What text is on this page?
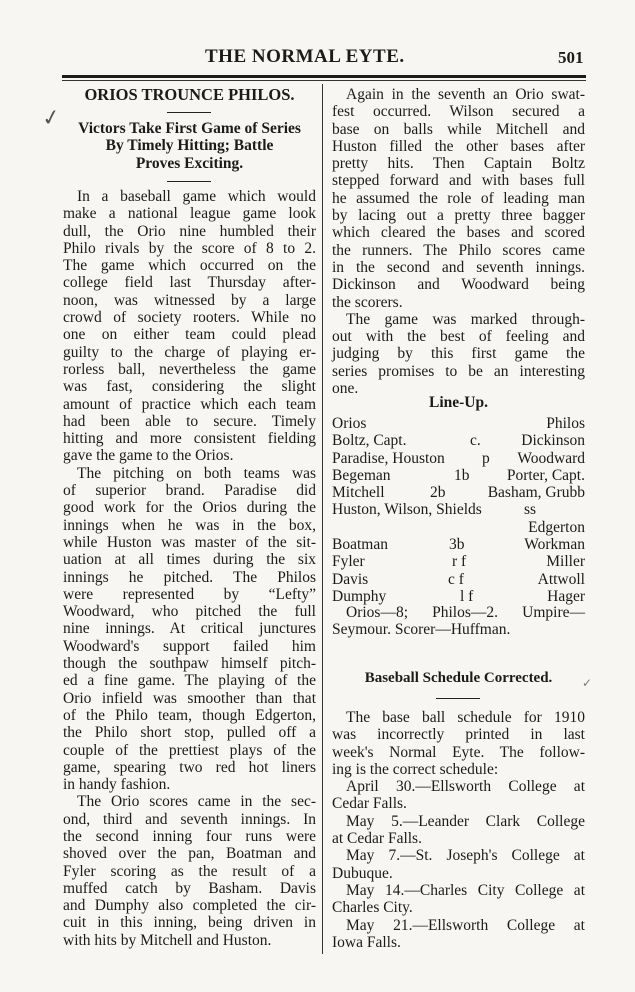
THE NORMAL EYTE.	501
✓
✓
ORIOS TROUNCE PHILOS.
Victors Take First Game of Series
By Timely Hitting; Battle
Proves Exciting.
In a baseball game which would
make a national league game look
dull, the Orio nine humbled their
Philo rivals by the score of 8 to 2.
The game which occurred on the
college field last Thursday after-
noon, was witnessed by a large
crowd of society rooters. While no
one on either team could plead
guilty to the charge of playing er-
rorless ball, nevertheless the game
was fast, considering the slight
amount of practice which each team
had been able to secure. Timely
hitting and more consistent fielding
gave the game to the Orios.
The pitching on both teams was
of superior brand. Paradise did
good work for the Orios during the
innings when he was in the box,
while Huston was master of the sit-
uation at all times during the six
innings he pitched. The Philos
were represented by “Lefty”
Woodward, who pitched the full
nine innings. At critical junctures
Woodward's support failed him
though the southpaw himself pitch-
ed a fine game. The playing of the
Orio infield was smoother than that
of the Philo team, though Edgerton,
the Philo short stop, pulled off a
couple of the prettiest plays of the
game, spearing two red hot liners
in handy fashion.
The Orio scores came in the sec-
ond, third and seventh innings. In
the second inning four runs were
shoved over the pan, Boatman and
Fyler scoring as the result of a
muffed catch by Basham. Davis
and Dumphy also completed the cir-
cuit in this inning, being driven in
with hits by Mitchell and Huston.
Again in the seventh an Orio swat-
fest occurred. Wilson secured a
base on balls while Mitchell and
Huston filled the other bases after
pretty hits. Then Captain Boltz
stepped forward and with bases full
he assumed the role of leading man
by lacing out a pretty three bagger
which cleared the bases and scored
the runners. The Philo scores came
in the second and seventh innings.
Dickinson and Woodward being
the scorers.
The game was marked through-
out with the best of feeling and
judging by this first game the
series promises to be an interesting
one.
Line-Up.
Orios	Philos
Boltz, Capt.	c.	Dickinson
Paradise, Houston p Woodward
Begeman	1b Porter, Capt.
Mitchell	2b	Basham, Grubb
Huston, Wilson, Shields	ss
Edgerton
Boatman	3b	Workman
Fyler	r f	Miller
Davis	c f	Attwoll
Dumphy	l f	Hager
Orios—8; Philos—2. Umpire—
Seymour. Scorer—Huffman.
Baseball Schedule Corrected.
The base ball schedule for 1910
was incorrectly printed in last
week's Normal Eyte. The follow-
ing is the correct schedule:
April 30.—Ellsworth College at
Cedar Falls.
May 5.—Leander Clark College
at Cedar Falls.
May 7.—St. Joseph's College at
Dubuque.
May 14.—Charles City College at
Charles City.
May 21.—Ellsworth College at
Iowa Falls.
